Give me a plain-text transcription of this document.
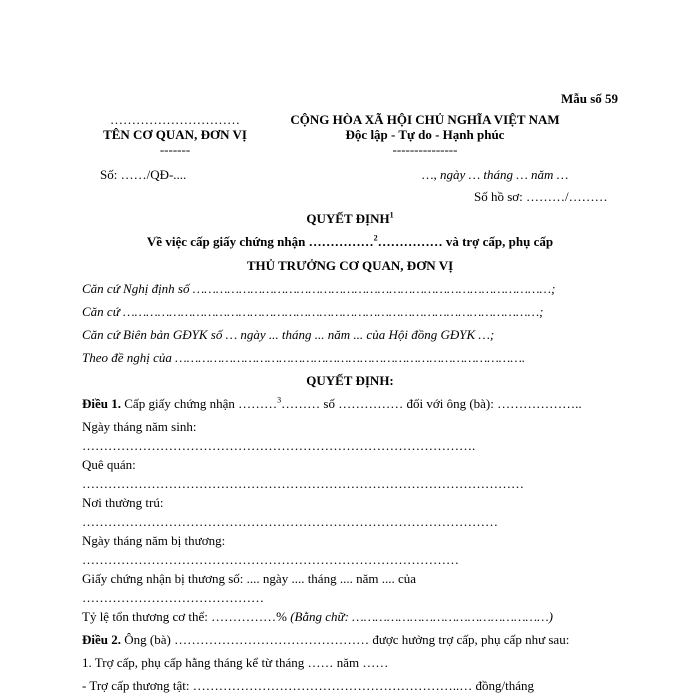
Mẫu số 59
…………………………
TÊN CƠ QUAN, ĐƠN VỊ
-------
Số: ……/QĐ-....
CỘNG HÒA XÃ HỘI CHỦ NGHĨA VIỆT NAM
Độc lập - Tự do - Hạnh phúc
---------------
…, ngày … tháng … năm …
Số hồ sơ: ………/………
QUYẾT ĐỊNH$^1$
Về việc cấp giấy chứng nhận ……………$^2$…………… và trợ cấp, phụ cấp
THỦ TRƯỞNG CƠ QUAN, ĐƠN VỊ
Căn cứ Nghị định số …………………………………………………………………………………;
Căn cứ ………………………………………………………………………………………………;
Căn cứ Biên bản GĐYK số … ngày ... tháng ... năm ... của Hội đồng GĐYK …;
Theo đề nghị của ……………………………………………………………………………….
QUYẾT ĐỊNH:
Điều 1. Cấp giấy chứng nhận ………$^3$……… số …………… đối với ông (bà): ………………..
Ngày tháng năm sinh:
……………………………………………………………………………….
Quê quán:
…………………………………………………………………………………………
Nơi thường trú:
……………………………………………………………………………………
Ngày tháng năm bị thương:
……………………………………………………………………………
Giấy chứng nhận bị thương số: .... ngày .... tháng .... năm .... của
……………………………………
Tỷ lệ tổn thương cơ thể: ……………% (Bằng chữ: ……………………………………………)
Điều 2. Ông (bà) ……………………………………… được hưởng trợ cấp, phụ cấp như sau:
1. Trợ cấp, phụ cấp hằng tháng kể từ tháng …… năm ……
- Trợ cấp thương tật: ……………………………………………………..… đồng/tháng
